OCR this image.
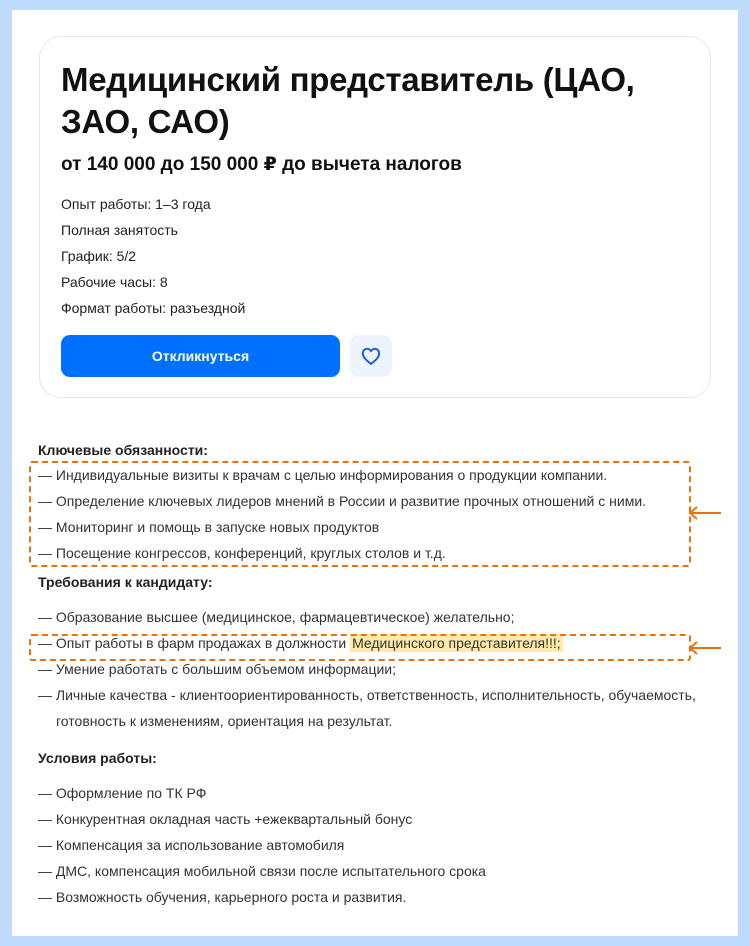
Медицинский представитель (ЦАО, ЗАО, САО)
от 140 000 до 150 000 ₽ до вычета налогов
Опыт работы: 1–3 года
Полная занятость
График: 5/2
Рабочие часы: 8
Формат работы: разъездной
Откликнуться
Ключевые обязанности:
— Индивидуальные визиты к врачам с целью информирования о продукции компании.
— Определение ключевых лидеров мнений в России и развитие прочных отношений с ними.
— Мониторинг и помощь в запуске новых продуктов
— Посещение конгрессов, конференций, круглых столов и т.д.
Требования к кандидату:
— Образование высшее (медицинское, фармацевтическое) желательно;
— Опыт работы в фарм продажах в должности Медицинского представителя!!!;
— Умение работать с большим объемом информации;
— Личные качества - клиентоориентированность, ответственность, исполнительность, обучаемость, готовность к изменениям, ориентация на результат.
Условия работы:
— Оформление по ТК РФ
— Конкурентная окладная часть +ежеквартальный бонус
— Компенсация за использование автомобиля
— ДМС, компенсация мобильной связи после испытательного срока
— Возможность обучения, карьерного роста и развития.
